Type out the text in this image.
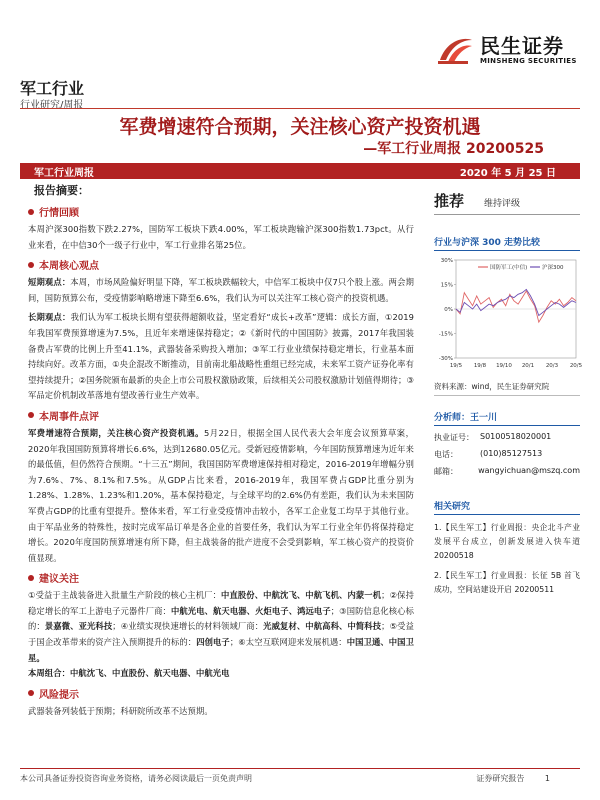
民生证券
MINSHENG SECURITIES
军工行业
行业研究/周报
军费增速符合预期，关注核心资产投资机遇
—军工行业周报 20200525
军工行业周报	2020 年 5 月 25 日
报告摘要：
行情回顾
本周沪深300指数下跌2.27%，国防军工板块下跌4.00%，军工板块跑输沪深300指数1.73pct。从行业来看，在中信30个一级子行业中，军工行业排名第25位。
本周核心观点
短期观点：本周，市场风险偏好明显下降，军工板块跌幅较大，中信军工板块中仅7只个股上涨。两会期间，国防预算公布，受疫情影响略增速下降至6.6%，我们认为可以关注军工核心资产的投资机遇。
长期观点：我们认为军工板块长期有望获得超额收益，坚定看好“成长+改革”逻辑：成长方面，①2019年我国军费预算增速为7.5%，且近年来增速保持稳定；②《新时代的中国国防》披露，2017年我国装备费占军费的比例上升至41.1%，武器装备采购投入增加；③军工行业业绩保持稳定增长，行业基本面持续向好。改革方面，①央企混改不断推动，目前南北船战略性重组已经完成，未来军工资产证券化率有望持续提升；②国务院颁布最新的央企上市公司股权激励政策，后续相关公司股权激励计划值得期待；③军品定价机制改革落地有望改善行业生产效率。
本周事件点评
军费增速符合预期，关注核心资产投资机遇。5月22日，根据全国人民代表大会年度会议预算草案，2020年我国国防预算将增长6.6%，达到12680.05亿元。受新冠疫情影响，今年国防预算增速为近年来的最低值，但仍然符合预期。“十三五”期间，我国国防军费增速保持相对稳定，2016-2019年增幅分别为7.6%、7%、8.1%和7.5%。从GDP占比来看，2016-2019年，我国军费占GDP比重分别为1.28%、1.28%、1.23%和1.20%，基本保持稳定，与全球平均的2.6%仍有差距，我们认为未来国防军费占GDP的比重有望提升。整体来看，军工行业受疫情冲击较小，各军工企业复工均早于其他行业。由于军品业务的特殊性，按时完成军品订单是各企业的首要任务，我们认为军工行业全年仍将保持稳定增长。2020年度国防预算增速有所下降，但主战装备的批产进度不会受到影响，军工核心资产的投资价值显现。
建议关注
①受益于主战装备进入批量生产阶段的核心主机厂：中直股份、中航沈飞、中航飞机、内蒙一机；②保持稳定增长的军工上游电子元器件厂商：中航光电、航天电器、火炬电子、鸿远电子；③国防信息化核心标的：景嘉微、亚光科技；④业绩实现快速增长的材料领域厂商：光威复材、中航高科、中简科技；⑤受益于国企改革带来的资产注入预期提升的标的：四创电子；⑥太空互联网迎来发展机遇：中国卫通、中国卫星。
本周组合：中航沈飞、中直股份、航天电器、中航光电
风险提示
武器装备列装低于预期；科研院所改革不达预期。
推荐 维持评级
行业与沪深 300 走势比较
30%
15%
0%
-15%
-30%
19/5 19/8 19/10 20/1 20/3 20/5
国防军工(中信)	沪深300
资料来源：wind，民生证券研究院
分析师：王一川
执业证号： S0100518020001
电话：	(010)85127513
邮箱：	wangyichuan@mszq.com
相关研究
1.【民生军工】行业周报：央企北斗产业发展平台成立，创新发展进入快车道 20200518
2.【民生军工】行业周报：长征 5B 首飞成功，空间站建设开启 20200511
本公司具备证券投资咨询业务资格，请务必阅读最后一页免责声明	证券研究报告	1
